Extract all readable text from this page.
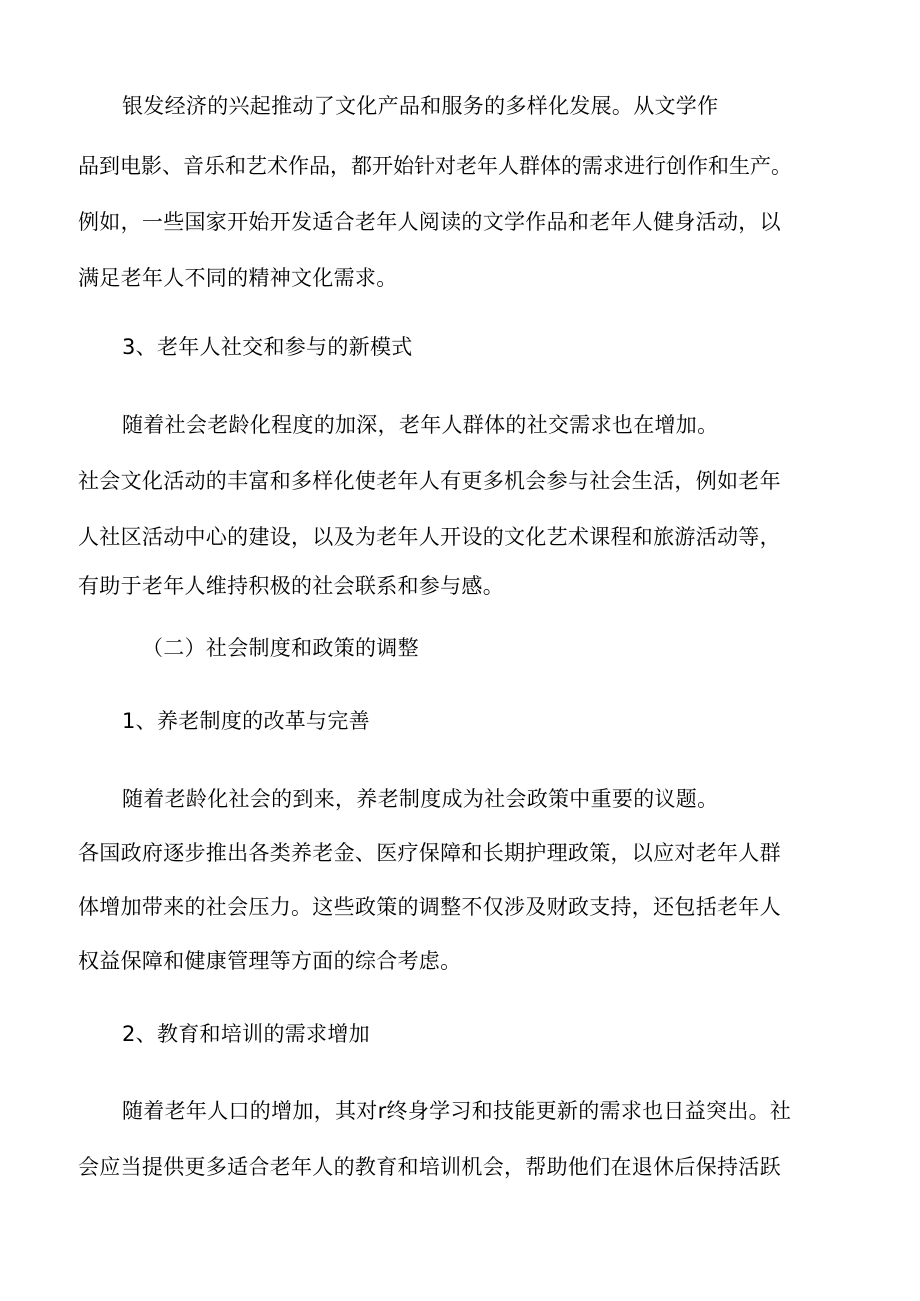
银发经济的兴起推动了文化产品和服务的多样化发展。从文学作
品到电影、音乐和艺术作品，都开始针对老年人群体的需求进行创作和生产。
例如，一些国家开始开发适合老年人阅读的文学作品和老年人健身活动，以
满足老年人不同的精神文化需求。
3、老年人社交和参与的新模式
随着社会老龄化程度的加深，老年人群体的社交需求也在增加。
社会文化活动的丰富和多样化使老年人有更多机会参与社会生活，例如老年
人社区活动中心的建设，以及为老年人开设的文化艺术课程和旅游活动等，
有助于老年人维持积极的社会联系和参与感。
（二）社会制度和政策的调整
1、养老制度的改革与完善
随着老龄化社会的到来，养老制度成为社会政策中重要的议题。
各国政府逐步推出各类养老金、医疗保障和长期护理政策，以应对老年人群
体增加带来的社会压力。这些政策的调整不仅涉及财政支持，还包括老年人
权益保障和健康管理等方面的综合考虑。
2、教育和培训的需求增加
随着老年人口的增加，其对r终身学习和技能更新的需求也日益突出。社
会应当提供更多适合老年人的教育和培训机会，帮助他们在退休后保持活跃
